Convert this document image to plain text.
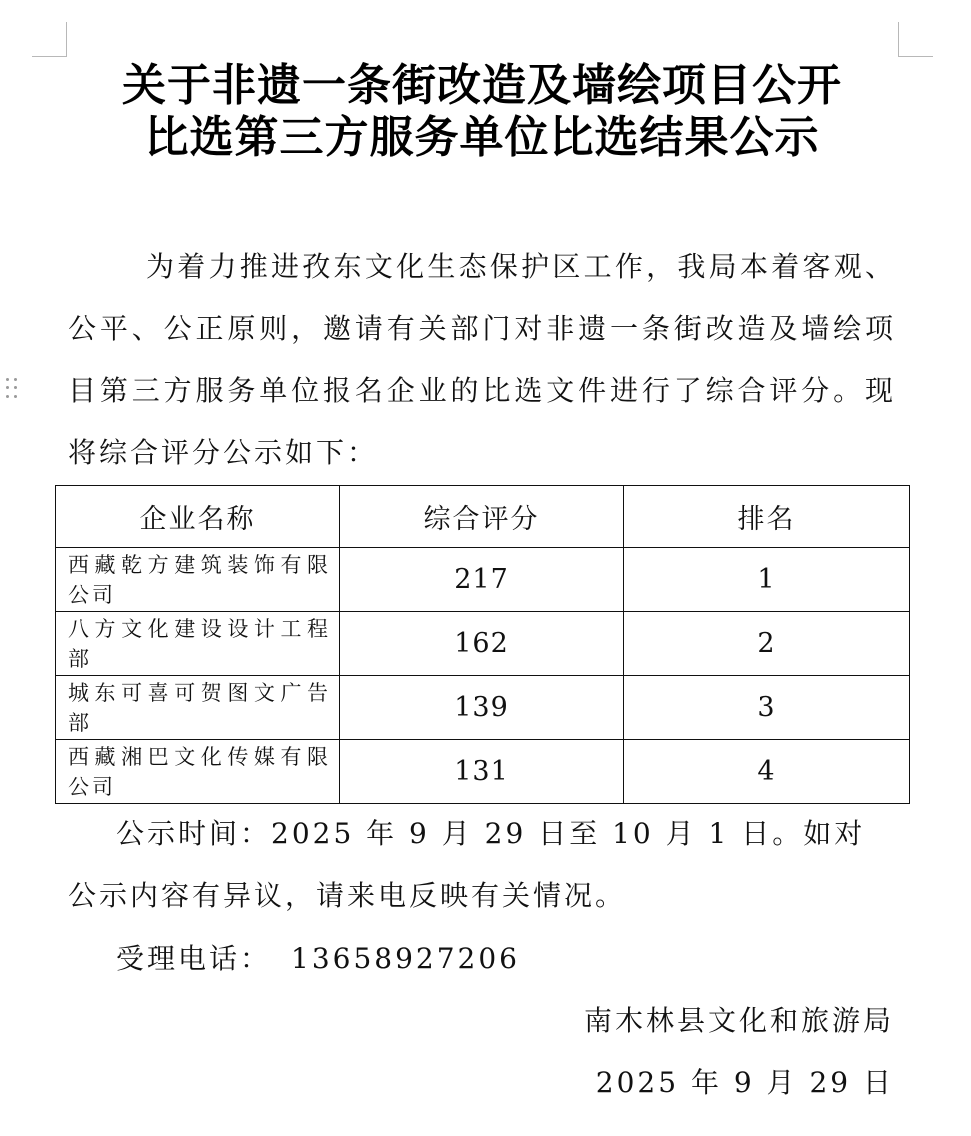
关于非遗一条街改造及墙绘项目公开
比选第三方服务单位比选结果公示
为着力推进孜东文化生态保护区工作，我局本着客观、公平、公正原则，邀请有关部门对非遗一条街改造及墙绘项目第三方服务单位报名企业的比选文件进行了综合评分。现将综合评分公示如下：
企业名称	综合评分	排名
西藏乾方建筑装饰有限公司	217	1
八方文化建设设计工程部	162	2
城东可喜可贺图文广告部	139	3
西藏湘巴文化传媒有限公司	131	4
公示时间：2025 年 9 月 29 日至 10 月 1 日。如对公示内容有异议，请来电反映有关情况。
受理电话： 13658927206
南木林县文化和旅游局
2025 年 9 月 29 日
